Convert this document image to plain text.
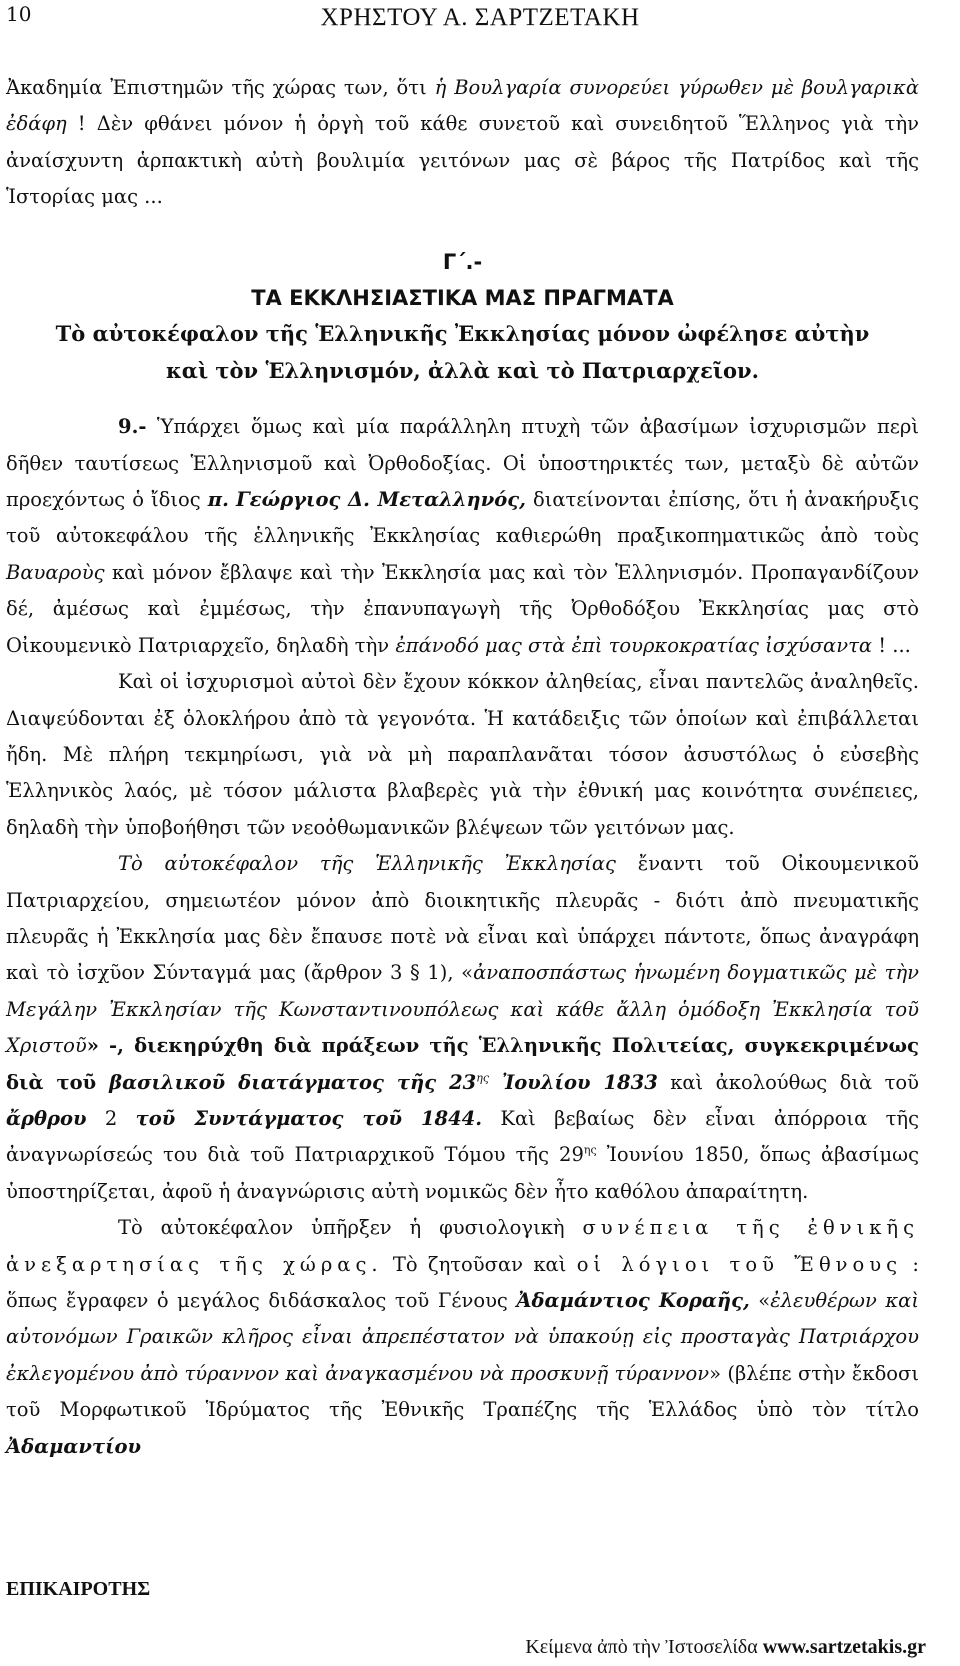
10	ΧΡΗΣΤΟΥ Α. ΣΑΡΤΖΕΤΑΚΗ

Ἀκαδημία Ἐπιστημῶν τῆς χώρας των, ὅτι ἡ Βουλγαρία συνορεύει γύρωθεν μὲ βουλγαρικὰ ἐδάφη ! Δὲν φθάνει μόνον ἡ ὀργὴ τοῦ κάθε συνετοῦ καὶ συνειδητοῦ Ἕλληνος γιὰ τὴν ἀναίσχυντη ἁρπακτικὴ αὐτὴ βουλιμία γειτόνων μας σὲ βάρος τῆς Πατρίδος καὶ τῆς Ἱστορίας μας ...

Γ΄.-
ΤΑ ΕΚΚΛΗΣΙΑΣΤΙΚΑ ΜΑΣ ΠΡΑΓΜΑΤΑ
Τὸ αὐτοκέφαλον τῆς Ἑλληνικῆς Ἐκκλησίας μόνον ὠφέλησε αὐτὴν
καὶ τὸν Ἑλληνισμόν, ἀλλὰ καὶ τὸ Πατριαρχεῖον.

9.- Ὑπάρχει ὅμως καὶ μία παράλληλη πτυχὴ τῶν ἀβασίμων ἰσχυρισμῶν περὶ δῆθεν ταυτίσεως Ἑλληνισμοῦ καὶ Ὀρθοδοξίας. Οἱ ὑποστηρικτές των, μεταξὺ δὲ αὐτῶν προεχόντως ὁ ἴδιος π. Γεώργιος Δ. Μεταλληνός, διατείνονται ἐπίσης, ὅτι ἡ ἀνακήρυξις τοῦ αὐτοκεφάλου τῆς ἑλληνικῆς Ἐκκλησίας καθιερώθη πραξικοπηματικῶς ἀπὸ τοὺς Βαυαροὺς καὶ μόνον ἔβλαψε καὶ τὴν Ἐκκλησία μας καὶ τὸν Ἑλληνισμόν. Προπαγανδίζουν δέ, ἀμέσως καὶ ἐμμέσως, τὴν ἐπανυπαγωγὴ τῆς Ὀρθοδόξου Ἐκκλησίας μας στὸ Οἰκουμενικὸ Πατριαρχεῖο, δηλαδὴ τὴν ἐπάνοδό μας στὰ ἐπὶ τουρκοκρατίας ἰσχύσαντα ! ...

Καὶ οἱ ἰσχυρισμοὶ αὐτοὶ δὲν ἔχουν κόκκον ἀληθείας, εἶναι παντελῶς ἀναληθεῖς. Διαψεύδονται ἐξ ὁλοκλήρου ἀπὸ τὰ γεγονότα. Ἡ κατάδειξις τῶν ὁποίων καὶ ἐπιβάλλεται ἤδη. Μὲ πλήρη τεκμηρίωσι, γιὰ νὰ μὴ παραπλανᾶται τόσον ἀσυστόλως ὁ εὐσεβὴς Ἑλληνικὸς λαός, μὲ τόσον μάλιστα βλαβερὲς γιὰ τὴν ἐθνική μας κοινότητα συνέπειες, δηλαδὴ τὴν ὑποβοήθησι τῶν νεοὀθωμανικῶν βλέψεων τῶν γειτόνων μας.

Τὸ αὐτοκέφαλον τῆς Ἑλληνικῆς Ἐκκλησίας ἔναντι τοῦ Οἰκουμενικοῦ Πατριαρχείου, σημειωτέον μόνον ἀπὸ διοικητικῆς πλευρᾶς - διότι ἀπὸ πνευματικῆς πλευρᾶς ἡ Ἐκκλησία μας δὲν ἔπαυσε ποτὲ νὰ εἶναι καὶ ὑπάρχει πάντοτε, ὅπως ἀναγράφη καὶ τὸ ἰσχῦον Σύνταγμά μας (ἄρθρον 3 § 1), «ἀναποσπάστως ἡνωμένη δογματικῶς μὲ τὴν Μεγάλην Ἐκκλησίαν τῆς Κωνσταντινουπόλεως καὶ κάθε ἄλλη ὁμόδοξη Ἐκκλησία τοῦ Χριστοῦ» -, διεκηρύχθη διὰ πράξεων τῆς Ἑλληνικῆς Πολιτείας, συγκεκριμένως διὰ τοῦ βασιλικοῦ διατάγματος τῆς $23^{\eta\varsigma}$ Ἰουλίου 1833 καὶ ἀκολούθως διὰ τοῦ ἄρθρου 2 τοῦ Συντάγματος τοῦ 1844. Καὶ βεβαίως δὲν εἶναι ἀπόρροια τῆς ἀναγνωρίσεώς του διὰ τοῦ Πατριαρχικοῦ Τόμου τῆς $29^{\eta\varsigma}$ Ἰουνίου 1850, ὅπως ἀβασίμως ὑποστηρίζεται, ἀφοῦ ἡ ἀναγνώρισις αὐτὴ νομικῶς δὲν ἦτο καθόλου ἀπαραίτητη.

Τὸ αὐτοκέφαλον ὑπῆρξεν ἡ φυσιολογικὴ συνέπεια τῆς ἐθνικῆς ἀνεξαρτησίας τῆς χώρας. Τὸ ζητοῦσαν καὶ οἱ λόγιοι τοῦ Ἔθνους : ὅπως ἔγραφεν ὁ μεγάλος διδάσκαλος τοῦ Γένους Ἀδαμάντιος Κοραῆς, «ἐλευθέρων καὶ αὐτονόμων Γραικῶν κλῆρος εἶναι ἀπρεπέστατον νὰ ὑπακούῃ εἰς προσταγὰς Πατριάρχου ἐκλεγομένου ἀπὸ τύραννον καὶ ἀναγκασμένου νὰ προσκυνῇ τύραννον» (βλέπε στὴν ἔκδοσι τοῦ Μορφωτικοῦ Ἱδρύματος τῆς Ἐθνικῆς Τραπέζης τῆς Ἑλλάδος ὑπὸ τὸν τίτλο Ἀδαμαντίου

ΕΠΙΚΑΙΡΟΤΗΣ
Κείμενα ἀπὸ τὴν Ἰστοσελίδα www.sartzetakis.gr
